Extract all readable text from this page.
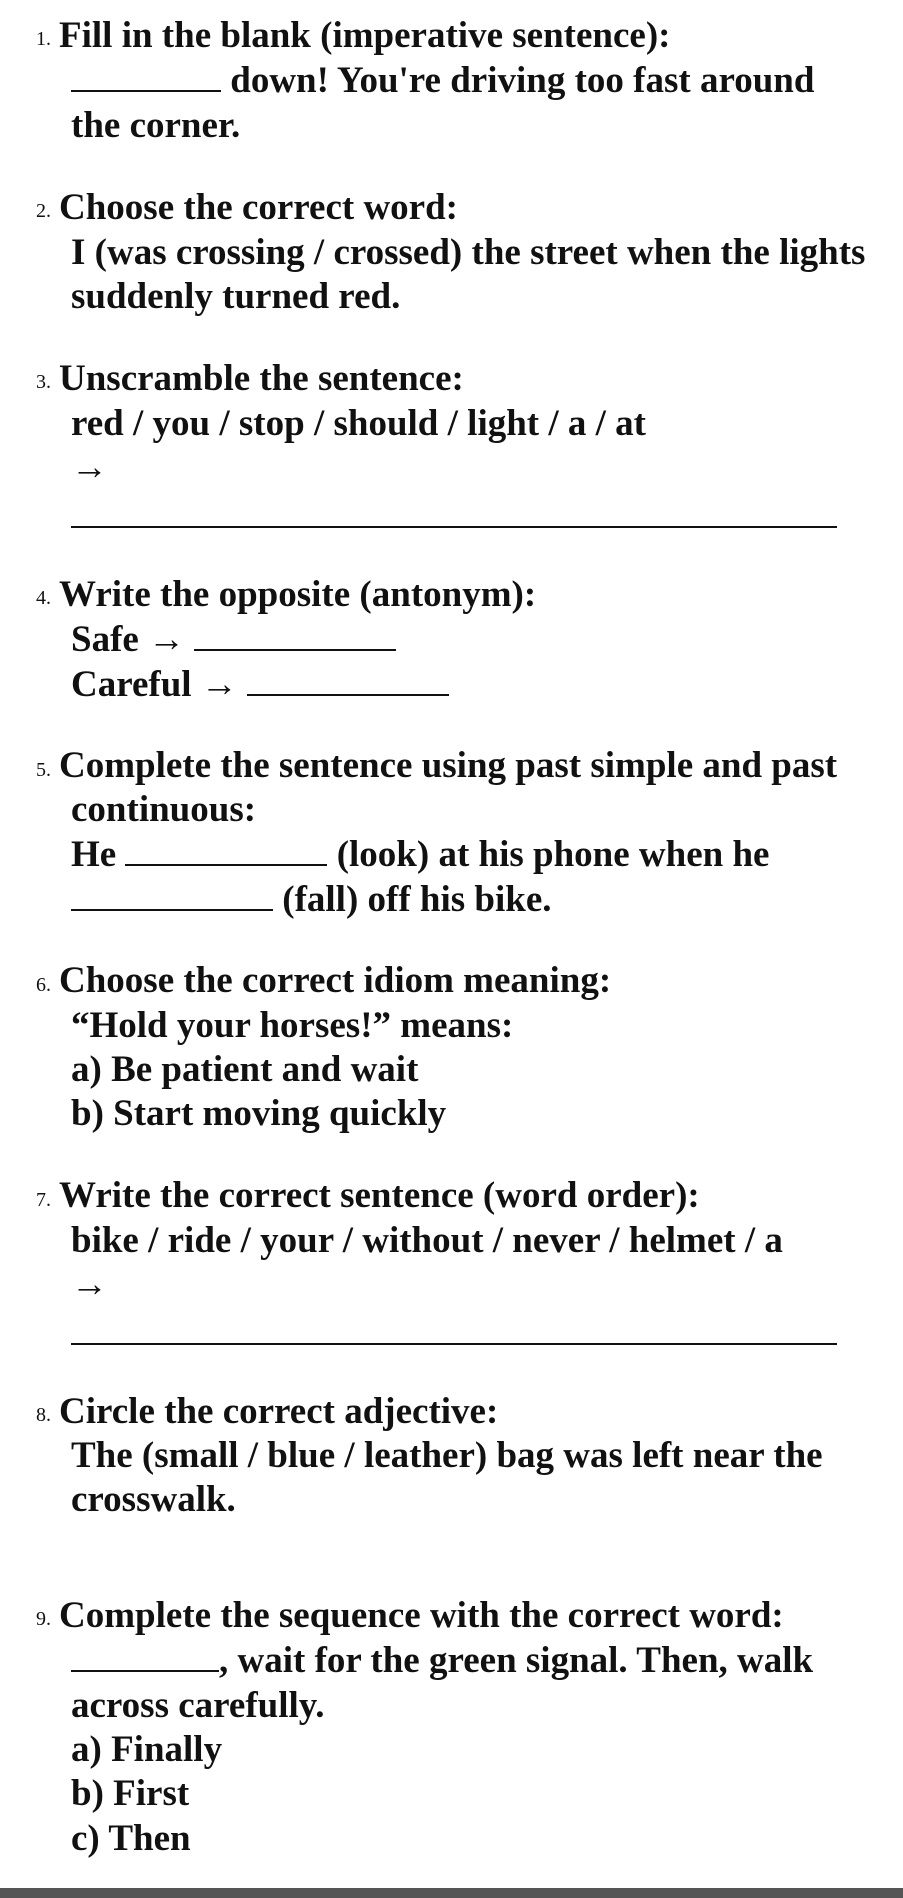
1. Fill in the blank (imperative sentence):
down! You're driving too fast around
the corner.
2. Choose the correct word:
I (was crossing / crossed) the street when the lights
suddenly turned red.
3. Unscramble the sentence:
red / you / stop / should / light / a / at
→
4. Write the opposite (antonym):
Safe →
Careful →
5. Complete the sentence using past simple and past
continuous:
He	(look) at his phone when he
(fall) off his bike.
6. Choose the correct idiom meaning:
“Hold your horses!” means:
a) Be patient and wait
b) Start moving quickly
7. Write the correct sentence (word order):
bike / ride / your / without / never / helmet / a
→
8. Circle the correct adjective:
The (small / blue / leather) bag was left near the
crosswalk.
9. Complete the sequence with the correct word:
, wait for the green signal. Then, walk
across carefully.
a) Finally
b) First
c) Then
